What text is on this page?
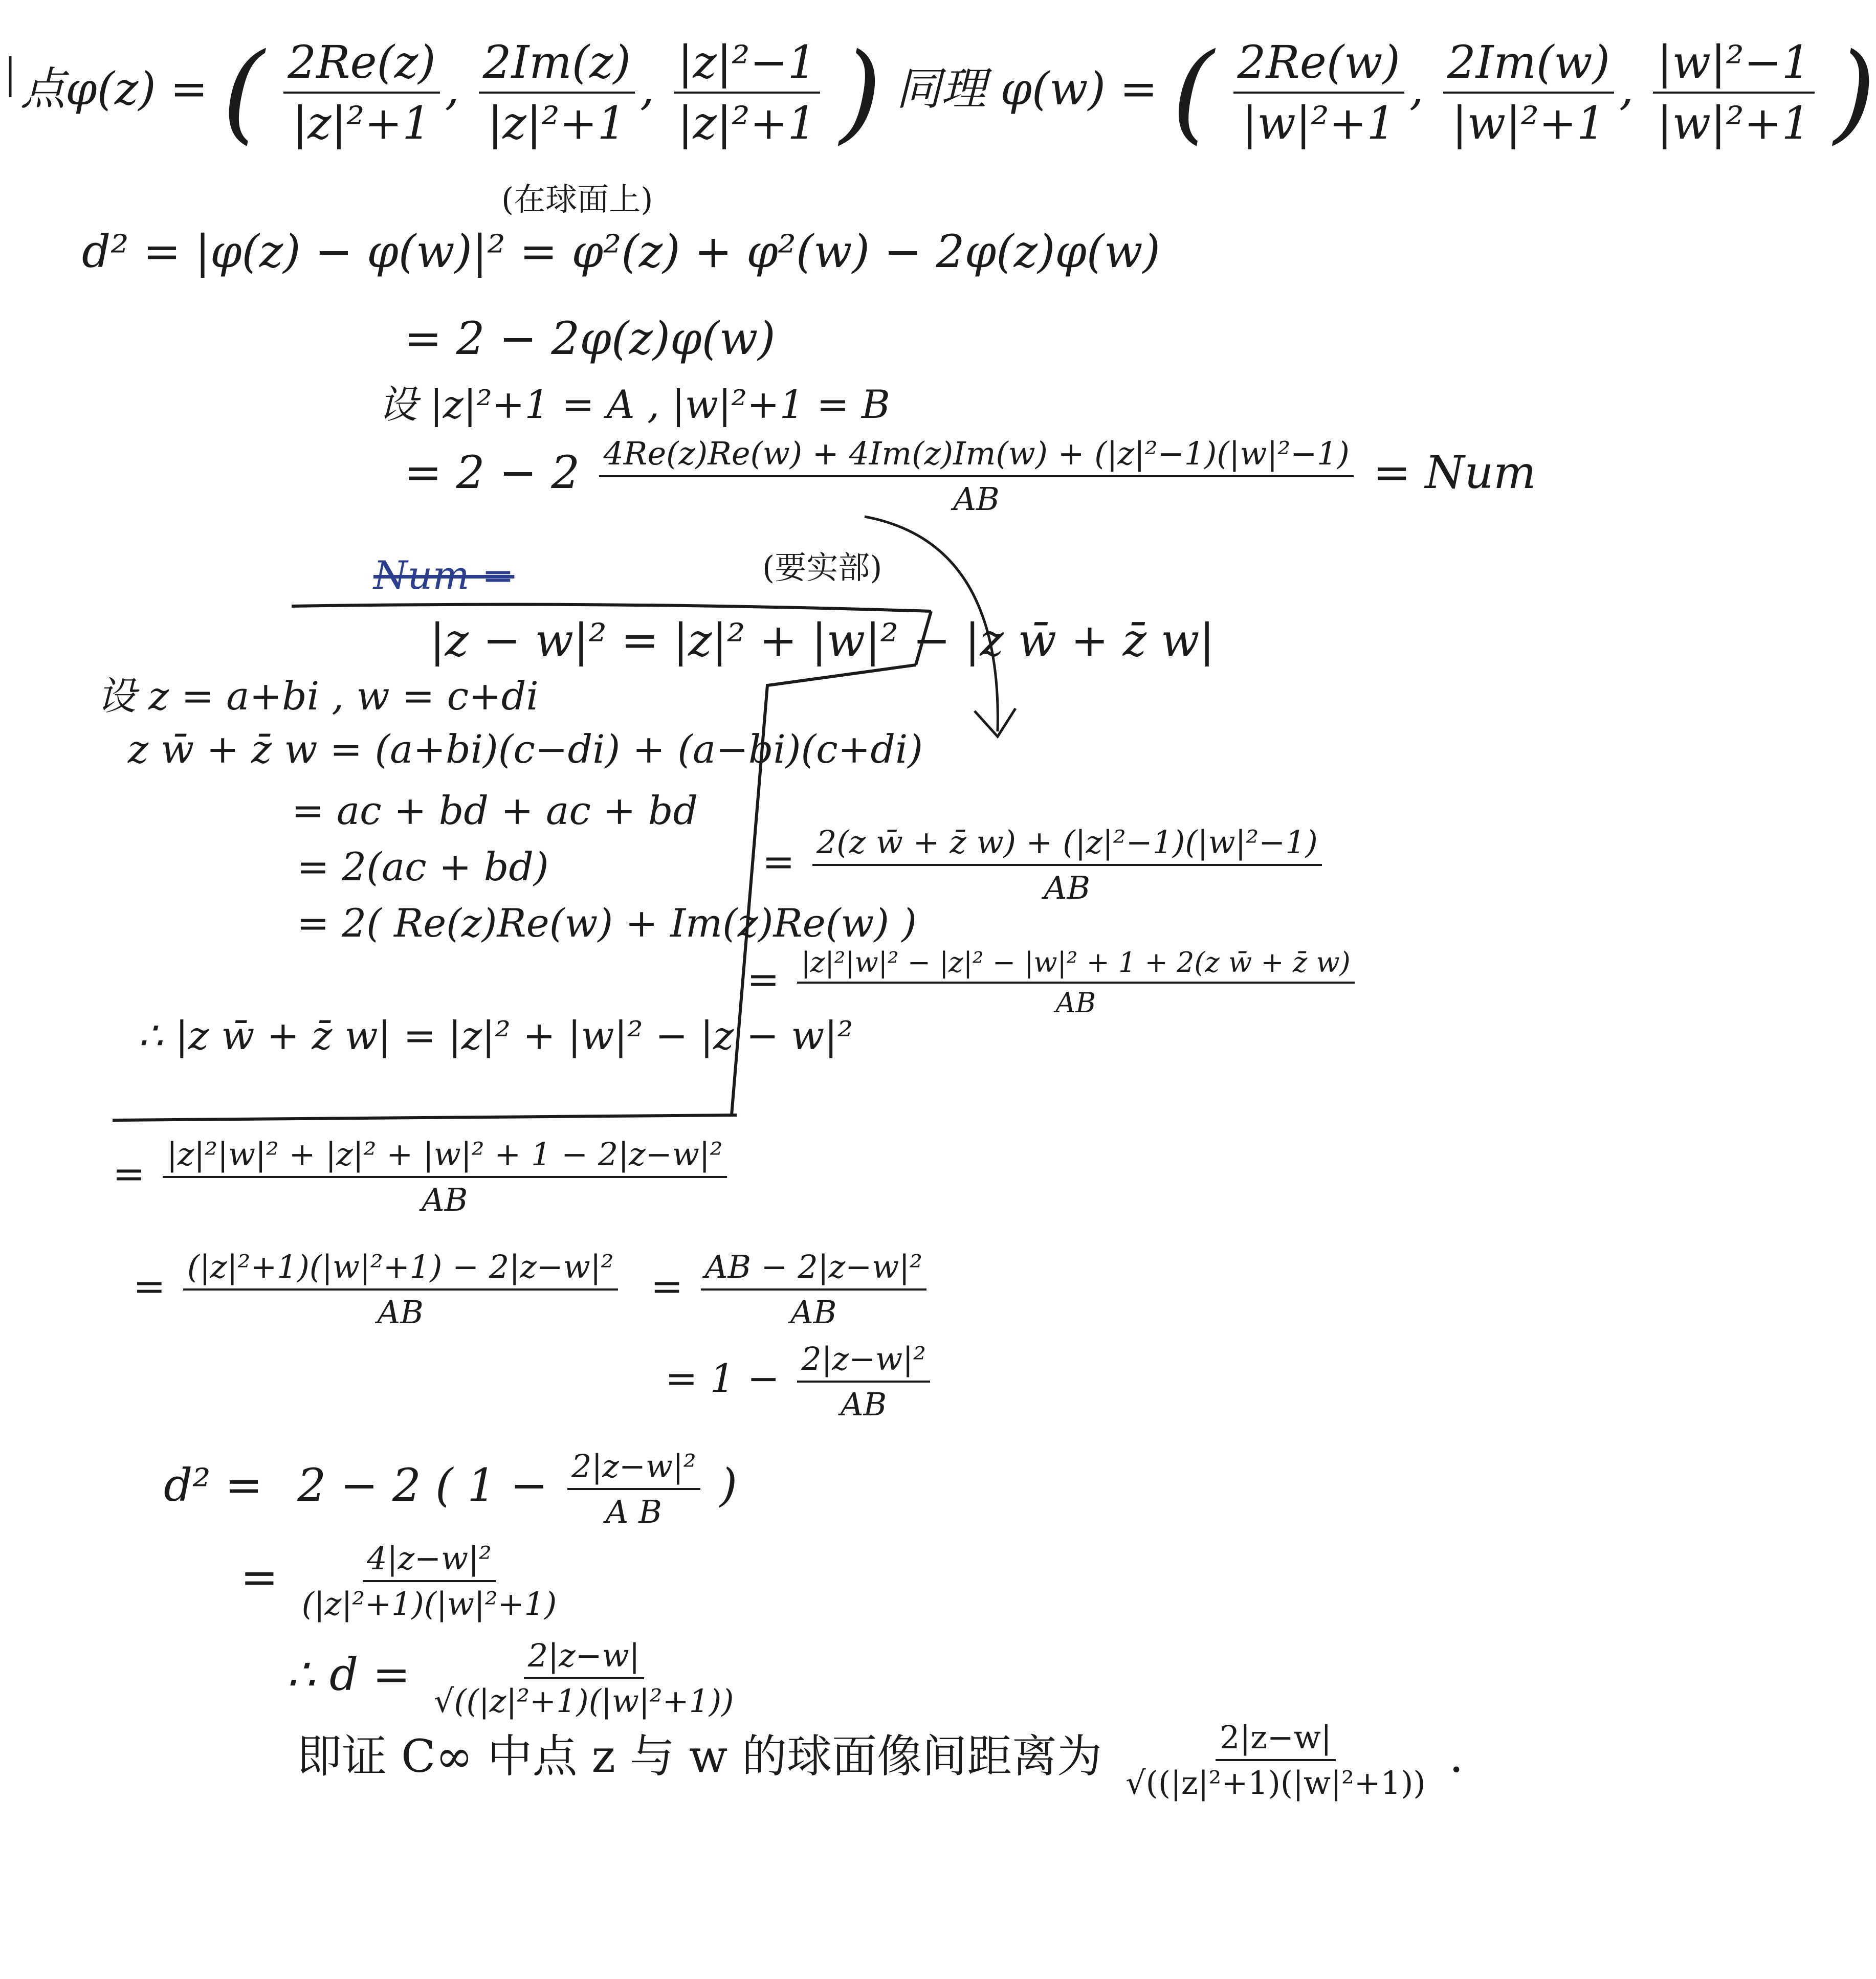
点φ(z) = ( $\frac{2Re(z)}{\text{|z|²+1}}$ , $\frac{2Im(z)}{\text{|z|²+1}}$ , $\frac{\text{|z|²−1}}{\text{|z|²+1}}$ ) 同理 φ(w) = ( $\frac{2Re(w)}{\text{|w|²+1}}$ , $\frac{2Im(w)}{\text{|w|²+1}}$ , $\frac{\text{|w|²−1}}{\text{|w|²+1}}$ )
(在球面上)
d² = |φ(z) − φ(w)|² = φ²(z) + φ²(w) − 2φ(z)φ(w)
= 2 − 2φ(z)φ(w)
设 |z|²+1 = A , |w|²+1 = B
= $2 - 2 \frac{\text{4Re(z)Re(w) + 4Im(z)Im(w) + (|z|²−1)(|w|²−1)}}{AB}$ = Num
Num =	(要实部)
|z − w|² = |z|² + |w|² − |z w̄ + z̄ w|
设 z = a+bi , w = c+di
z w̄ + z̄ w = (a+bi)(c−di) + (a−bi)(c+di)
= ac + bd + ac + bd
= 2(ac + bd)
= 2( Re(z)Re(w) + Im(z)Re(w) )
∴ |z w̄ + z̄ w| = |z|² + |w|² − |z − w|²
= $\frac{\text{2(z w̄ + z̄ w) + (|z|²−1)(|w|²−1)}}{AB}$
= $\frac{\text{|z|²|w|² − |z|² − |w|² + 1 + 2(z w̄ + z̄ w)}}{AB}$
= $\frac{\text{|z|²|w|² + |z|² + |w|² + 1 − 2|z−w|²}}{AB}$
= $\frac{\text{(|z|²+1)(|w|²+1) − 2|z−w|²}}{AB} = \frac{\text{AB − 2|z−w|²}}{AB}$
= $1 - \frac{\text{2|z−w|²}}{AB}$
d² = 2 − 2 ( $1 - \frac{\text{2|z−w|²}}{\text{A B}}$ )
= $\frac{\text{4|z−w|²}}{\text{(|z|²+1)(|w|²+1)}}$
∴ $d = \frac{2|z-w|}{\text{√((|z|²+1)(|w|²+1))}}$
即证 C∞ 中点 z 与 w 的球面像间距离为 $\frac{2|z-w|}{\text{√((|z|²+1)(|w|²+1))}}$ .
